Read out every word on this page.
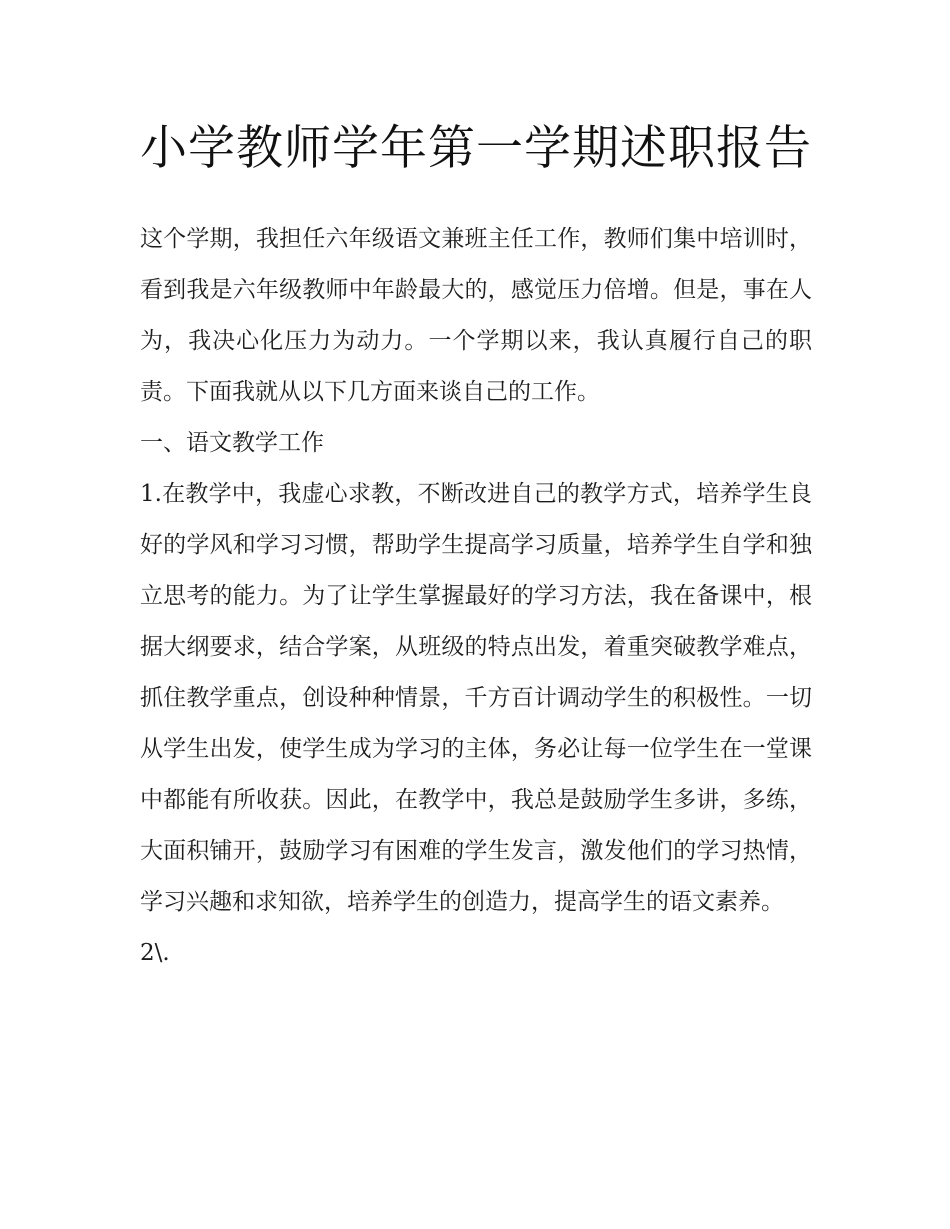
小学教师学年第一学期述职报告

这个学期，我担任六年级语文兼班主任工作，教师们集中培训时，看到我是六年级教师中年龄最大的，感觉压力倍增。但是，事在人为，我决心化压力为动力。一个学期以来，我认真履行自己的职责。下面我就从以下几方面来谈自己的工作。

一、语文教学工作

1.在教学中，我虚心求教，不断改进自己的教学方式，培养学生良好的学风和学习习惯，帮助学生提高学习质量，培养学生自学和独立思考的能力。为了让学生掌握最好的学习方法，我在备课中，根据大纲要求，结合学案，从班级的特点出发，着重突破教学难点，抓住教学重点，创设种种情景，千方百计调动学生的积极性。一切从学生出发，使学生成为学习的主体，务必让每一位学生在一堂课中都能有所收获。因此，在教学中，我总是鼓励学生多讲，多练，大面积铺开，鼓励学习有困难的学生发言，激发他们的学习热情，学习兴趣和求知欲，培养学生的创造力，提高学生的语文素养。

2\.
